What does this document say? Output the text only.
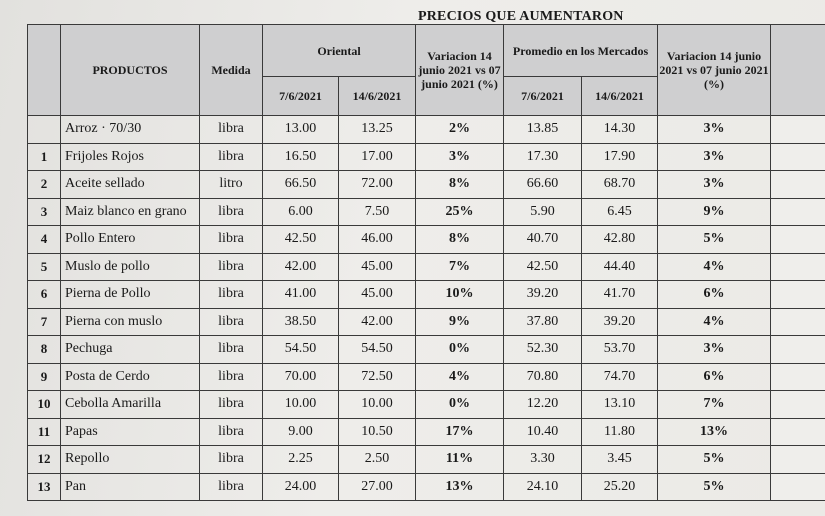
PRECIOS QUE AUMENTARON
	PRODUCTOS	Medida	Oriental		Variacion 14 junio 2021 vs 07 junio 2021 (%)	Promedio en los Mercados		Variacion 14 junio 2021 vs 07 junio 2021 (%)	
			7/6/2021	14/6/2021		7/6/2021	14/6/2021		
	Arroz · 70/30	libra	13.00	13.25	2%	13.85	14.30	3%	
1	Frijoles Rojos	libra	16.50	17.00	3%	17.30	17.90	3%	
2	Aceite sellado	litro	66.50	72.00	8%	66.60	68.70	3%	
3	Maiz blanco en grano	libra	6.00	7.50	25%	5.90	6.45	9%	
4	Pollo Entero	libra	42.50	46.00	8%	40.70	42.80	5%	
5	Muslo de pollo	libra	42.00	45.00	7%	42.50	44.40	4%	
6	Pierna de Pollo	libra	41.00	45.00	10%	39.20	41.70	6%	
7	Pierna con muslo	libra	38.50	42.00	9%	37.80	39.20	4%	
8	Pechuga	libra	54.50	54.50	0%	52.30	53.70	3%	
9	Posta de Cerdo	libra	70.00	72.50	4%	70.80	74.70	6%	
10	Cebolla Amarilla	libra	10.00	10.00	0%	12.20	13.10	7%	
11	Papas	libra	9.00	10.50	17%	10.40	11.80	13%	
12	Repollo	libra	2.25	2.50	11%	3.30	3.45	5%	
13	Pan	libra	24.00	27.00	13%	24.10	25.20	5%	
